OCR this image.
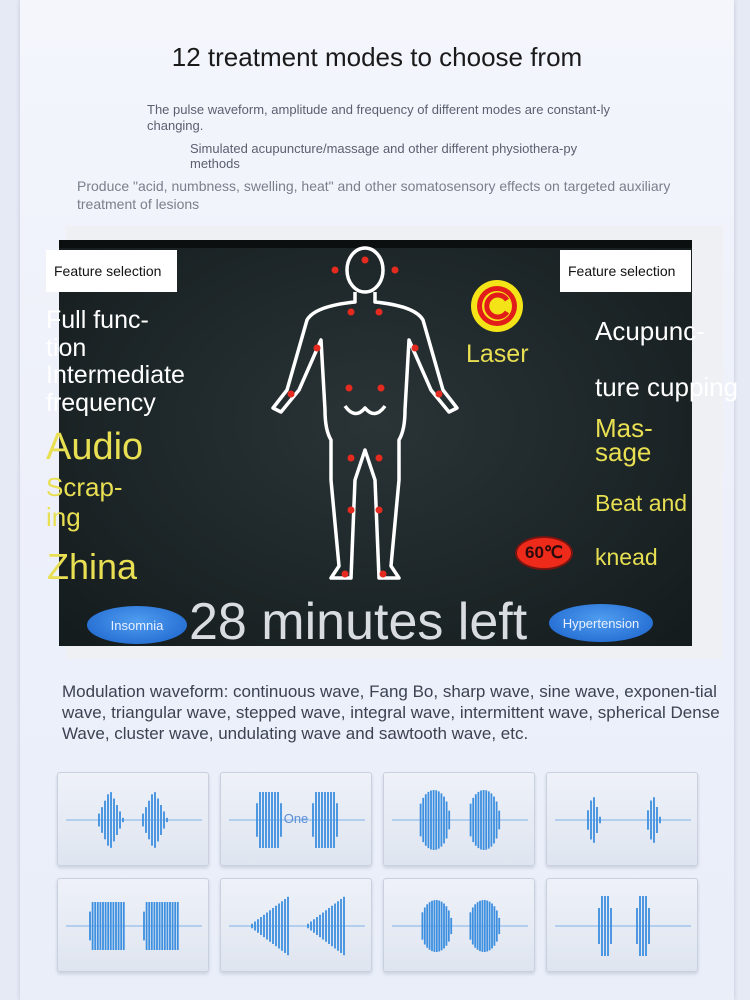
12 treatment modes to choose from
The pulse waveform, amplitude and frequency of different modes are constant-ly changing.
Simulated acupuncture/massage and other different physiothera-py methods
Produce "acid, numbness, swelling, heat" and other somatosensory effects on targeted auxiliary treatment of lesions
Modulation waveform: continuous wave, Fang Bo, sharp wave, sine wave, exponen-tial wave, triangular wave, stepped wave, integral wave, intermittent wave, spherical Dense Wave, cluster wave, undulating wave and sawtooth wave, etc.
Feature selection	Feature selection
Full func-tion
Intermediate frequency
Audio
Scrap-ing
Zhina
Laser
Acupunc-
ture cupping
Mas-sage
Beat and
knead
60℃
Insomnia 28 minutes left	Hypertension
One
